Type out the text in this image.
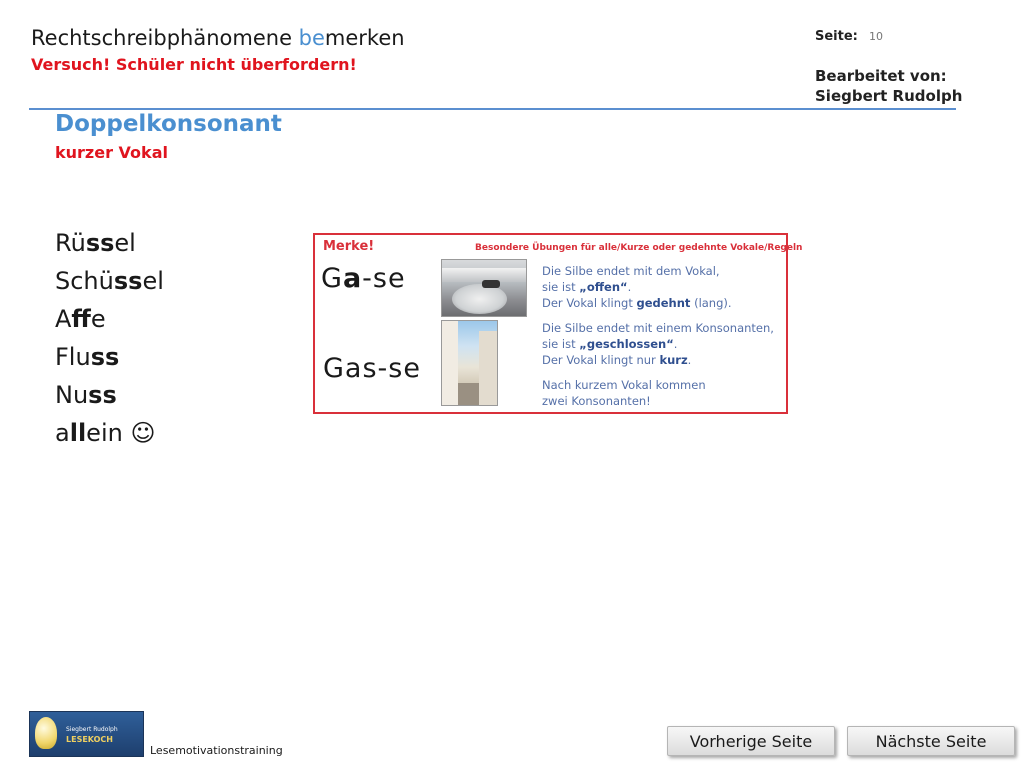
Rechtschreibphänomene bemerken
Versuch! Schüler nicht überfordern!
Seite: 10
Bearbeitet von:
Siegbert Rudolph
Doppelkonsonant
kurzer Vokal
Rüssel
Schüssel
Affe
Fluss
Nuss
allein ☺
Merke!	Besondere Übungen für alle/Kurze oder gedehnte Vokale/Regeln
Ga-se	Die Silbe endet mit dem Vokal,
sie ist „offen“.
Der Vokal klingt gedehnt (lang).
Gas-se
Die Silbe endet mit einem Konsonanten,
sie ist „geschlossen“.
Der Vokal klingt nur kurz.
Nach kurzem Vokal kommen
zwei Konsonanten!
Siegbert Rudolph
LESEKOCH
Lesemotivationstraining	Vorherige Seite	Nächste Seite
